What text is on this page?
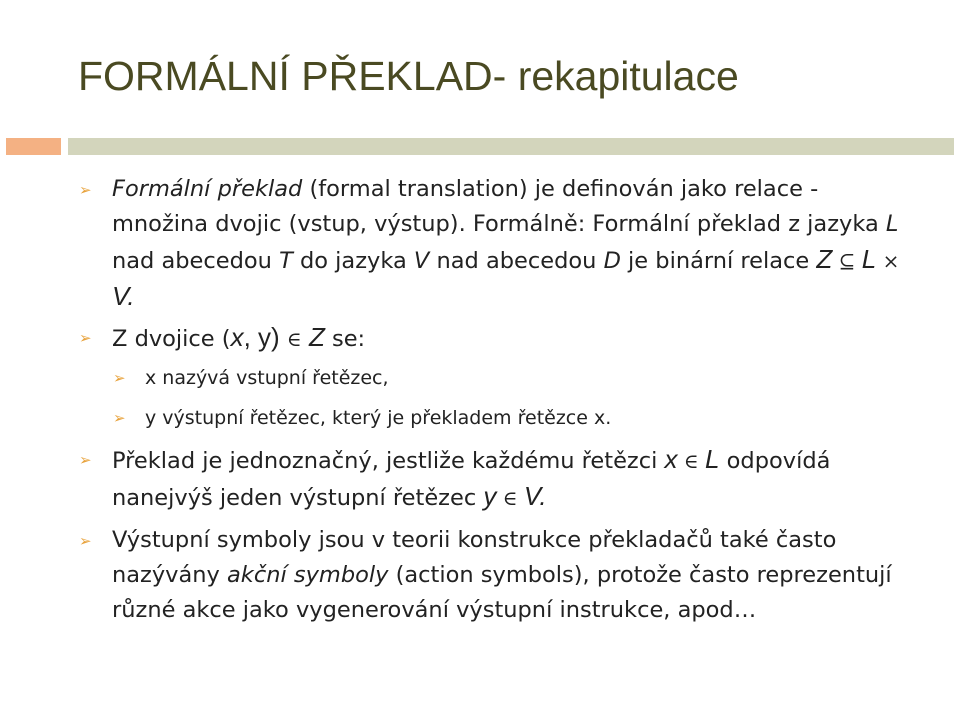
FORMÁLNÍ PŘEKLAD- rekapitulace
➢ Formální překlad (formal translation) je definován jako relace - množina dvojic (vstup, výstup). Formálně: Formální překlad z jazyka L nad abecedou T do jazyka V nad abecedou D je binární relace Z ⊆ L × V.
➢ Z dvojice (x, y) ∈ Z se:
➢ x nazývá vstupní řetězec,
➢ y výstupní řetězec, který je překladem řetězce x.
➢ Překlad je jednoznačný, jestliže každému řetězci x ∈ L odpovídá nanejvýš jeden výstupní řetězec y ∈ V.
➢ Výstupní symboly jsou v teorii konstrukce překladačů také často nazývány akční symboly (action symbols), protože často reprezentují různé akce jako vygenerování výstupní instrukce, apod…
